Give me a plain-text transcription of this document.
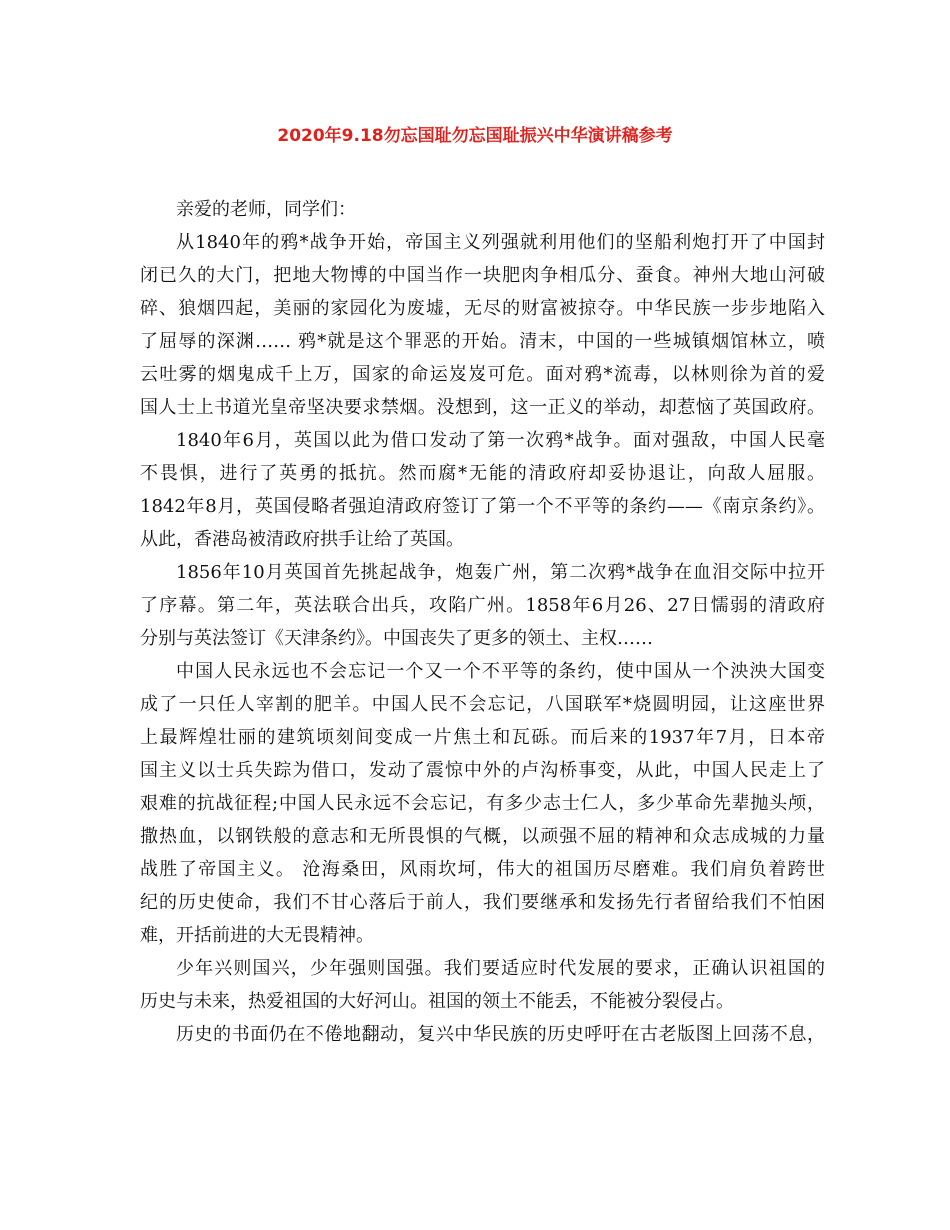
2020年9.18勿忘国耻勿忘国耻振兴中华演讲稿参考
亲爱的老师，同学们：
从1840年的鸦*战争开始，帝国主义列强就利用他们的坚船利炮打开了中国封
闭已久的大门，把地大物博的中国当作一块肥肉争相瓜分、蚕食。神州大地山河破
碎、狼烟四起，美丽的家园化为废墟，无尽的财富被掠夺。中华民族一步步地陷入
了屈辱的深渊…… 鸦*就是这个罪恶的开始。清末，中国的一些城镇烟馆林立，喷
云吐雾的烟鬼成千上万，国家的命运岌岌可危。面对鸦*流毒，以林则徐为首的爱
国人士上书道光皇帝坚决要求禁烟。没想到，这一正义的举动，却惹恼了英国政府。
1840年6月，英国以此为借口发动了第一次鸦*战争。面对强敌，中国人民毫
不畏惧，进行了英勇的抵抗。然而腐*无能的清政府却妥协退让，向敌人屈服。
1842年8月，英国侵略者强迫清政府签订了第一个不平等的条约——《南京条约》。
从此，香港岛被清政府拱手让给了英国。
1856年10月英国首先挑起战争，炮轰广州，第二次鸦*战争在血泪交际中拉开
了序幕。第二年，英法联合出兵，攻陷广州。1858年6月26、27日懦弱的清政府
分别与英法签订《天津条约》。中国丧失了更多的领土、主权……
中国人民永远也不会忘记一个又一个不平等的条约，使中国从一个泱泱大国变
成了一只任人宰割的肥羊。中国人民不会忘记，八国联军*烧圆明园，让这座世界
上最辉煌壮丽的建筑顷刻间变成一片焦土和瓦砾。而后来的1937年7月，日本帝
国主义以士兵失踪为借口，发动了震惊中外的卢沟桥事变，从此，中国人民走上了
艰难的抗战征程;中国人民永远不会忘记，有多少志士仁人，多少革命先辈抛头颅，
撒热血，以钢铁般的意志和无所畏惧的气概，以顽强不屈的精神和众志成城的力量
战胜了帝国主义。 沧海桑田，风雨坎坷，伟大的祖国历尽磨难。我们肩负着跨世
纪的历史使命，我们不甘心落后于前人，我们要继承和发扬先行者留给我们不怕困
难，开括前进的大无畏精神。
少年兴则国兴，少年强则国强。我们要适应时代发展的要求，正确认识祖国的
历史与未来，热爱祖国的大好河山。祖国的领土不能丢，不能被分裂侵占。
历史的书面仍在不倦地翻动，复兴中华民族的历史呼吁在古老版图上回荡不息，
